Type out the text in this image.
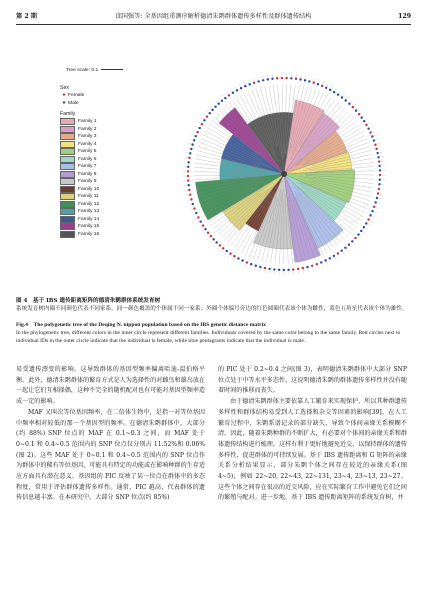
第 2 期	邱国强等: 全基因组重测序解析德清朱鹮群体遗传多样性及群体遗传结构	129
Tree scale: 0.1
Sex
● Female
★ Male
Family
Family 1
Family 2
Family 3
Family 4
Family 5
Family 6
Family 7
Family 8
Family 9
Family 10
Family 11
Family 12
Family 13
Family 14
Family 15
Family 16
图 4　基于 IBS 遗传距离矩阵的德清朱鹮群体系统发育树
系统发育树内圈不同颜色代表不同家系，同一颜色覆盖的个体属于同一家系；外圈个体编号旁边的红色圆圈代表该个体为雌性，蓝色五角星代表该个体为雄性。
Fig.4　The polygenetic tree of the Deqing N. nippon population based on the IBS genetic distance matrix
In the phylogenetic tree, different colors in the inner circle represent different families. Individuals covered by the same color belong to the same family. Red circles next to individual IDs in the outer circle indicate that the individual is female, while blue pentagrams indicate that the individual is male.

易受遗传漂变的影响。这导致群体的基因型频率偏离哈迪-温伯格平衡。此外，德清朱鹮群体的繁育方式是人为选择性的对雌鸟和雄鸟放在一起让它们互相择偶，这种不完全的随机配对也有可能对基因型频率造成一定的影响。

MAF 又叫次等位基因频率，在二倍体生物中，是指一对等位基因中频率相对较低的那一个基因型的频率。在德清朱鹮群体中，大部分(约 88%) SNP 位点的 MAF 在 0.1~0.3 之间，而 MAF 处于 0~0.1 和 0.4~0.5 范围内的 SNP 位点仅分别占 11.52%和 0.06% (图 2)。这些 MAF 处于 0~0.1 和 0.4~0.5 范围内的 SNP 位点作为群体中的稀有等位基因，可能具有特定的功能或在影响种群的生存适应方面具有潜在意义。基因组的 PIC 反映了某一位点在群体中的多态程度，常用于评估群体遗传多样性。通常，PIC 越高，代表群体的遗传信息越丰富。在本研究中，大部分 SNP 位点(约 85%)

的 PIC 处于 0.2~0.4 之间(图 3)，表明德清朱鹮群体中大部分 SNP 位点处于中等水平多态性，这说明德清朱鹮的群体遗传多样性并没有随着时间的推移而丧失。

由于德清朱鹮群体主要依靠人工繁育来实现保护，所以其种群遗传多样性和群体结构易受到人工选择和杂交等因素的影响[39]。在人工繁育过程中，朱鹮系谱记录的部分缺失，导致个体间亲缘关系模糊不清。因此，随着朱鹮种群的不断扩大，有必要对个体间的亲缘关系和群体遗传结构进行梳理，这样有利于更好地避免近交，以保持群体的遗传多样性，促进群体的可持续发展。基于 IBS 遗传距离和 G 矩阵的亲缘关系分析结果显示，部分朱鹮个体之间存在较近的亲缘关系(图 4~5)，例如 22~20, 22~43, 22~131, 23~4, 23~13, 23~27。这些个体之间存在很高的近交风险，应在实际繁育工作中避免它们之间的繁殖与配对。进一步地，基于 IBS 遗传距离矩阵的系统发育树，并
